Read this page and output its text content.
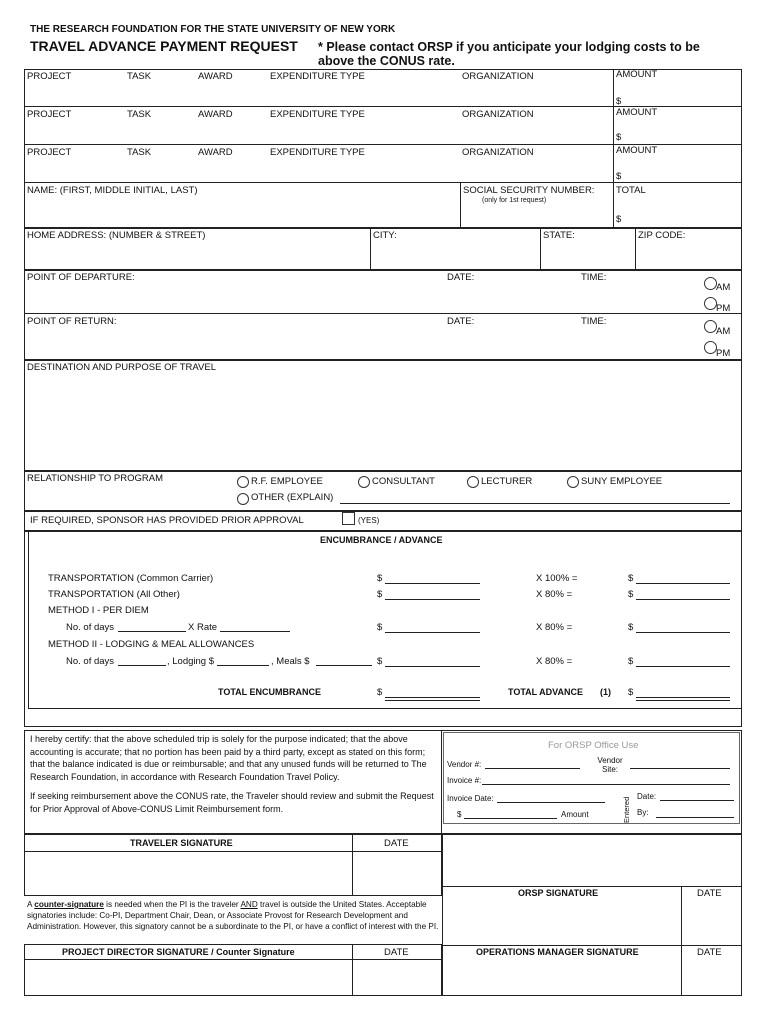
THE RESEARCH FOUNDATION FOR THE STATE UNIVERSITY OF NEW YORK
TRAVEL ADVANCE PAYMENT REQUEST * Please contact ORSP if you anticipate your lodging costs to be above the CONUS rate.
PROJECT	TASK	AWARD	EXPENDITURE TYPE	ORGANIZATION	AMOUNT
$
PROJECT	TASK	AWARD	EXPENDITURE TYPE	ORGANIZATION	AMOUNT
$
PROJECT	TASK	AWARD	EXPENDITURE TYPE	ORGANIZATION	AMOUNT
$
NAME: (FIRST, MIDDLE INITIAL, LAST)	SOCIAL SECURITY NUMBER:
(only for 1st request)
TOTAL
$
HOME ADDRESS: (NUMBER & STREET)	CITY:	STATE:	ZIP CODE:
POINT OF DEPARTURE:	DATE:	TIME:
AM
PM
POINT OF RETURN:	DATE:	TIME:
AM
PM
DESTINATION AND PURPOSE OF TRAVEL
RELATIONSHIP TO PROGRAM	R.F. EMPLOYEE	CONSULTANT	LECTURER	SUNY EMPLOYEE
OTHER (EXPLAIN)
IF REQUIRED, SPONSOR HAS PROVIDED PRIOR APPROVAL	(YES)
ENCUMBRANCE / ADVANCE
TRANSPORTATION (Common Carrier)	$	X 100% =	$
TRANSPORTATION (All Other)	$	X 80% =	$
METHOD I - PER DIEM
No. of days	X Rate	$	X 80% =	$
METHOD II - LODGING & MEAL ALLOWANCES
No. of days	, Lodging $	, Meals $	$	X 80% =	$
TOTAL ENCUMBRANCE	$	TOTAL ADVANCE (1) $
I hereby certify: that the above scheduled trip is solely for the purpose indicated; that the above accounting is accurate; that no portion has been paid by a third party, except as stated on this form; that the balance indicated is due or reimbursable; and that any unused funds will be returned to The Research Foundation, in accordance with Research Foundation Travel Policy.
If seeking reimbursement above the CONUS rate, the Traveler should review and submit the Request for Prior Approval of Above-CONUS Limit Reimbursement form.
For ORSP Office Use
Vendor #:	Vendor Site:
Invoice #:
Invoice Date:
$	Amount	Entered
Date:
By:
TRAVELER SIGNATURE	DATE
ORSP SIGNATURE	DATE
OPERATIONS MANAGER SIGNATURE	DATE
A counter-signature is needed when the PI is the traveler AND travel is outside the United States. Acceptable signatories include: Co-PI, Department Chair, Dean, or Associate Provost for Research Development and Administration. However, this signatory cannot be a subordinate to the PI, or have a conflict of interest with the PI.
PROJECT DIRECTOR SIGNATURE / Counter Signature	DATE
